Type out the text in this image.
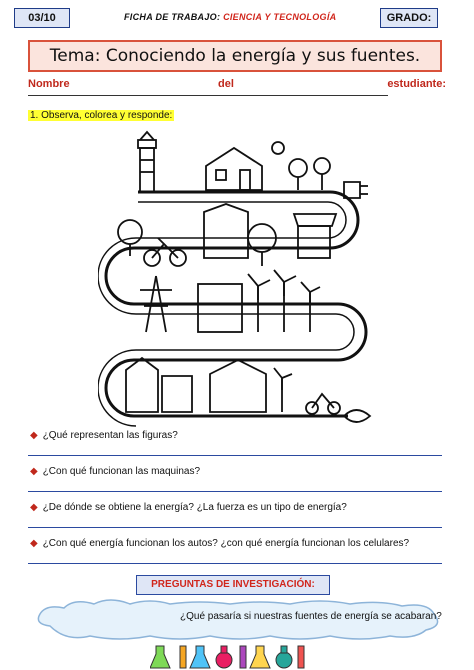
03/10	FICHA DE TRABAJO: CIENCIA Y TECNOLOGÍA	GRADO:
Tema: Conociendo la energía y sus fuentes.
Nombre	del	estudiante:
1. Observa, colorea y responde:
◆ ¿Qué representan las figuras?
◆ ¿Con qué funcionan las maquinas?
◆ ¿De dónde se obtiene la energía? ¿La fuerza es un tipo de energía?
◆ ¿Con qué energía funcionan los autos? ¿con qué energía funcionan los celulares?
PREGUNTAS DE INVESTIGACIÓN:
¿Qué pasaría si nuestras fuentes de energía se acabaran?
